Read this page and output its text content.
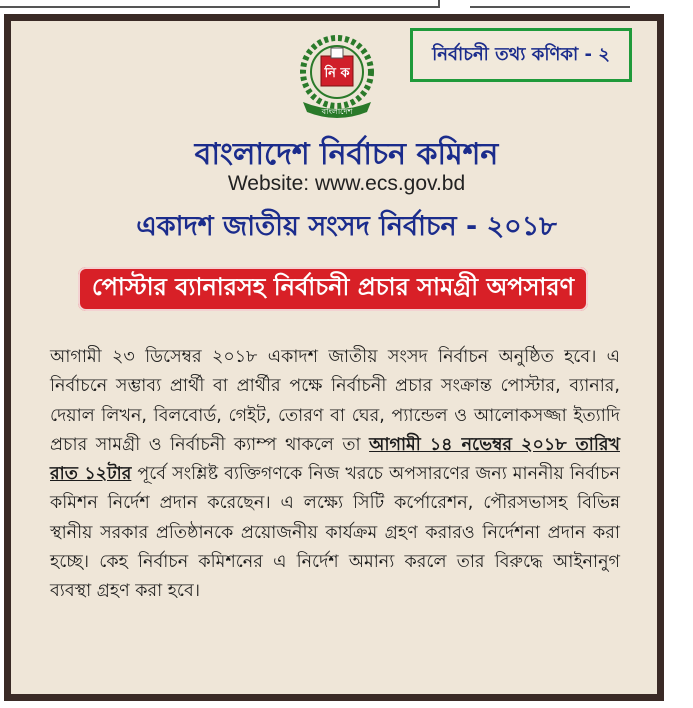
নির্বাচনী তথ্য কণিকা - ২
নি ক
বাংলাদেশ
বাংলাদেশ নির্বাচন কমিশন
Website: www.ecs.gov.bd
একাদশ জাতীয় সংসদ নির্বাচন - ২০১৮
পোস্টার ব্যানারসহ নির্বাচনী প্রচার সামগ্রী অপসারণ
আগামী ২৩ ডিসেম্বর ২০১৮ একাদশ জাতীয় সংসদ নির্বাচন অনুষ্ঠিত হবে। এ নির্বাচনে সম্ভাব্য প্রার্থী বা প্রার্থীর পক্ষে নির্বাচনী প্রচার সংক্রান্ত পোস্টার, ব্যানার, দেয়াল লিখন, বিলবোর্ড, গেইট, তোরণ বা ঘের, প্যান্ডেল ও আলোকসজ্জা ইত্যাদি প্রচার সামগ্রী ও নির্বাচনী ক্যাম্প থাকলে তা আগামী ১৪ নভেম্বর ২০১৮ তারিখ রাত ১২টার পূর্বে সংশ্লিষ্ট ব্যক্তিগণকে নিজ খরচে অপসারণের জন্য মাননীয় নির্বাচন কমিশন নির্দেশ প্রদান করেছেন। এ লক্ষ্যে সিটি কর্পোরেশন, পৌরসভাসহ বিভিন্ন স্থানীয় সরকার প্রতিষ্ঠানকে প্রয়োজনীয় কার্যক্রম গ্রহণ করারও নির্দেশনা প্রদান করা হচ্ছে। কেহ নির্বাচন কমিশনের এ নির্দেশ অমান্য করলে তার বিরুদ্ধে আইনানুগ ব্যবস্থা গ্রহণ করা হবে।
